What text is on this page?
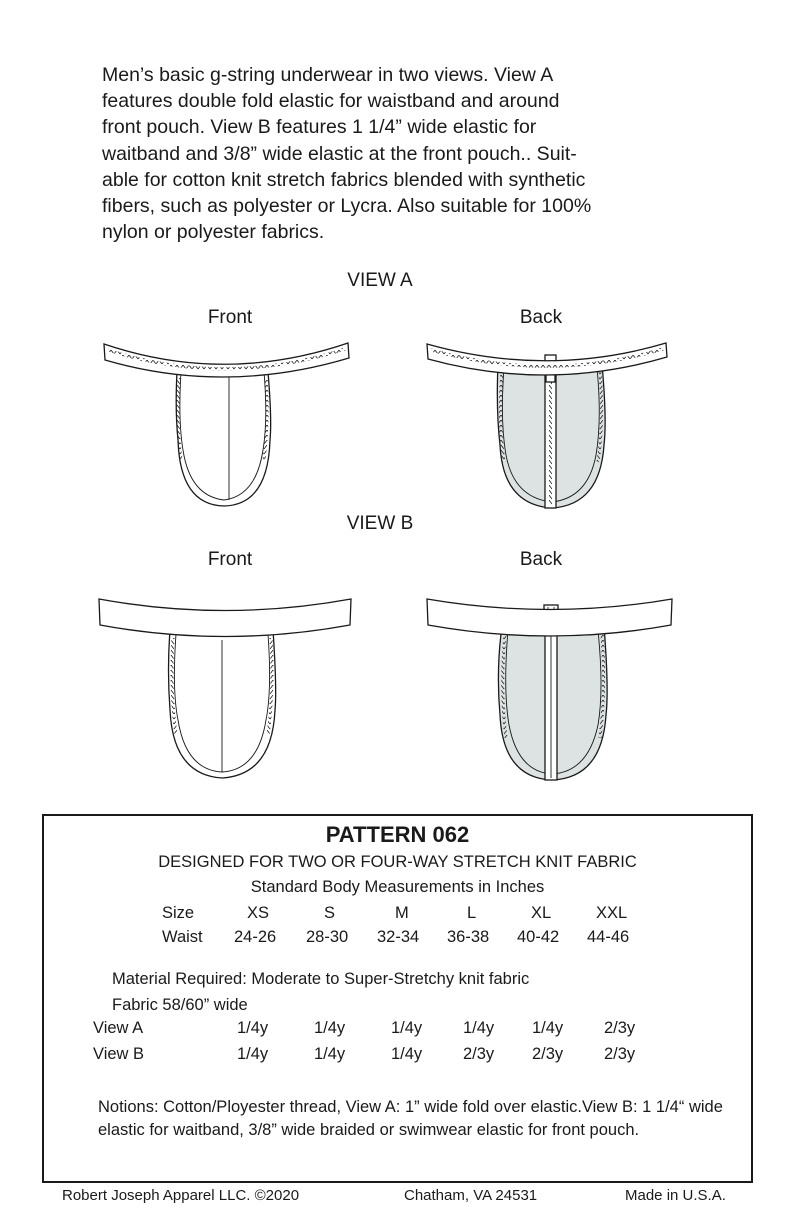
Men’s basic g-string underwear in two views. View A

features double fold elastic for waistband and around

front pouch. View B features 1 1/4” wide elastic for

waitband and 3/8” wide elastic at the front pouch.. Suit-

able for cotton knit stretch fabrics blended with synthetic

fibers, such as polyester or Lycra. Also suitable for 100%

nylon or polyester fabrics.

VIEW A
Front	Back
VIEW B
Front	Back
PATTERN 062
DESIGNED FOR TWO OR FOUR-WAY STRETCH KNIT FABRIC
Standard Body Measurements in Inches
Size	XS	S	M	L	XL	XXL
Waist 24-26 28-30 32-34 36-38 40-42 44-46
Material Required: Moderate to Super-Stretchy knit fabric
Fabric 58/60” wide
View A	1/4y	1/4y	1/4y 1/4y 1/4y 2/3y
View B	1/4y	1/4y	1/4y 2/3y 2/3y 2/3y
Notions: Cotton/Ployester thread, View A: 1” wide fold over elastic.View B: 1 1/4“ wide elastic for waitband, 3/8” wide braided or swimwear elastic for front pouch.
Robert Joseph Apparel LLC. ©2020	Chatham, VA 24531	Made in U.S.A.
